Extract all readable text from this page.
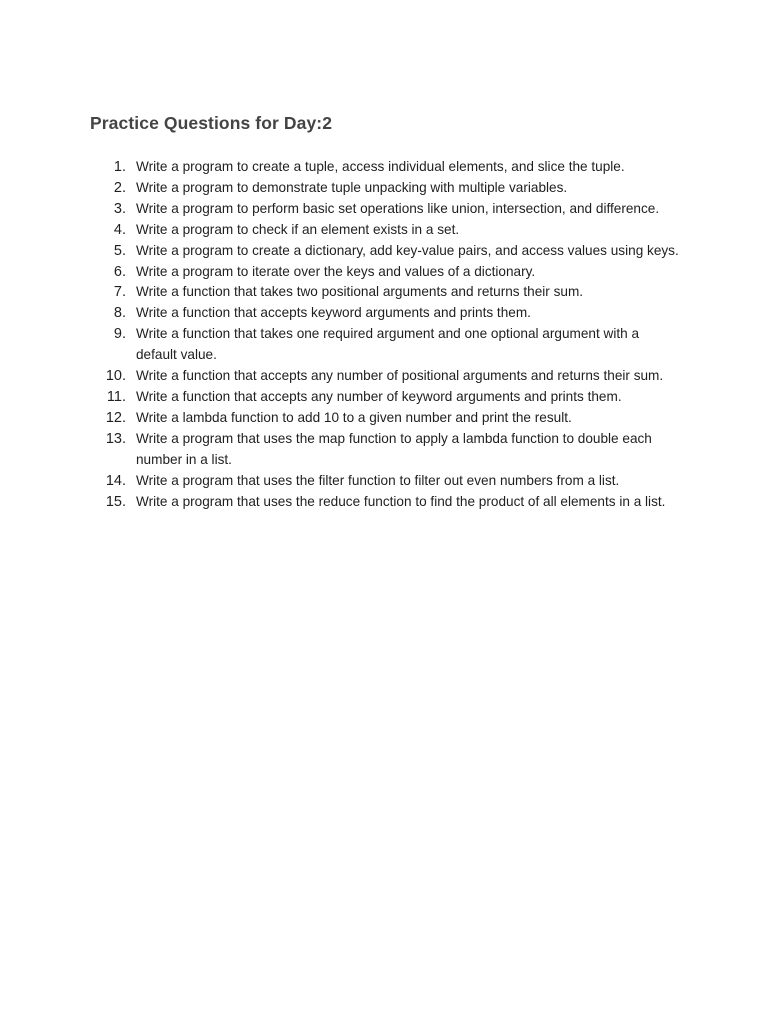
Practice Questions for Day:2
1. Write a program to create a tuple, access individual elements, and slice the tuple.
2. Write a program to demonstrate tuple unpacking with multiple variables.
3. Write a program to perform basic set operations like union, intersection, and difference.
4. Write a program to check if an element exists in a set.
5. Write a program to create a dictionary, add key-value pairs, and access values using keys.
6. Write a program to iterate over the keys and values of a dictionary.
7. Write a function that takes two positional arguments and returns their sum.
8. Write a function that accepts keyword arguments and prints them.
9. Write a function that takes one required argument and one optional argument with a default value.
10. Write a function that accepts any number of positional arguments and returns their sum.
11. Write a function that accepts any number of keyword arguments and prints them.
12. Write a lambda function to add 10 to a given number and print the result.
13. Write a program that uses the map function to apply a lambda function to double each number in a list.
14. Write a program that uses the filter function to filter out even numbers from a list.
15. Write a program that uses the reduce function to find the product of all elements in a list.
